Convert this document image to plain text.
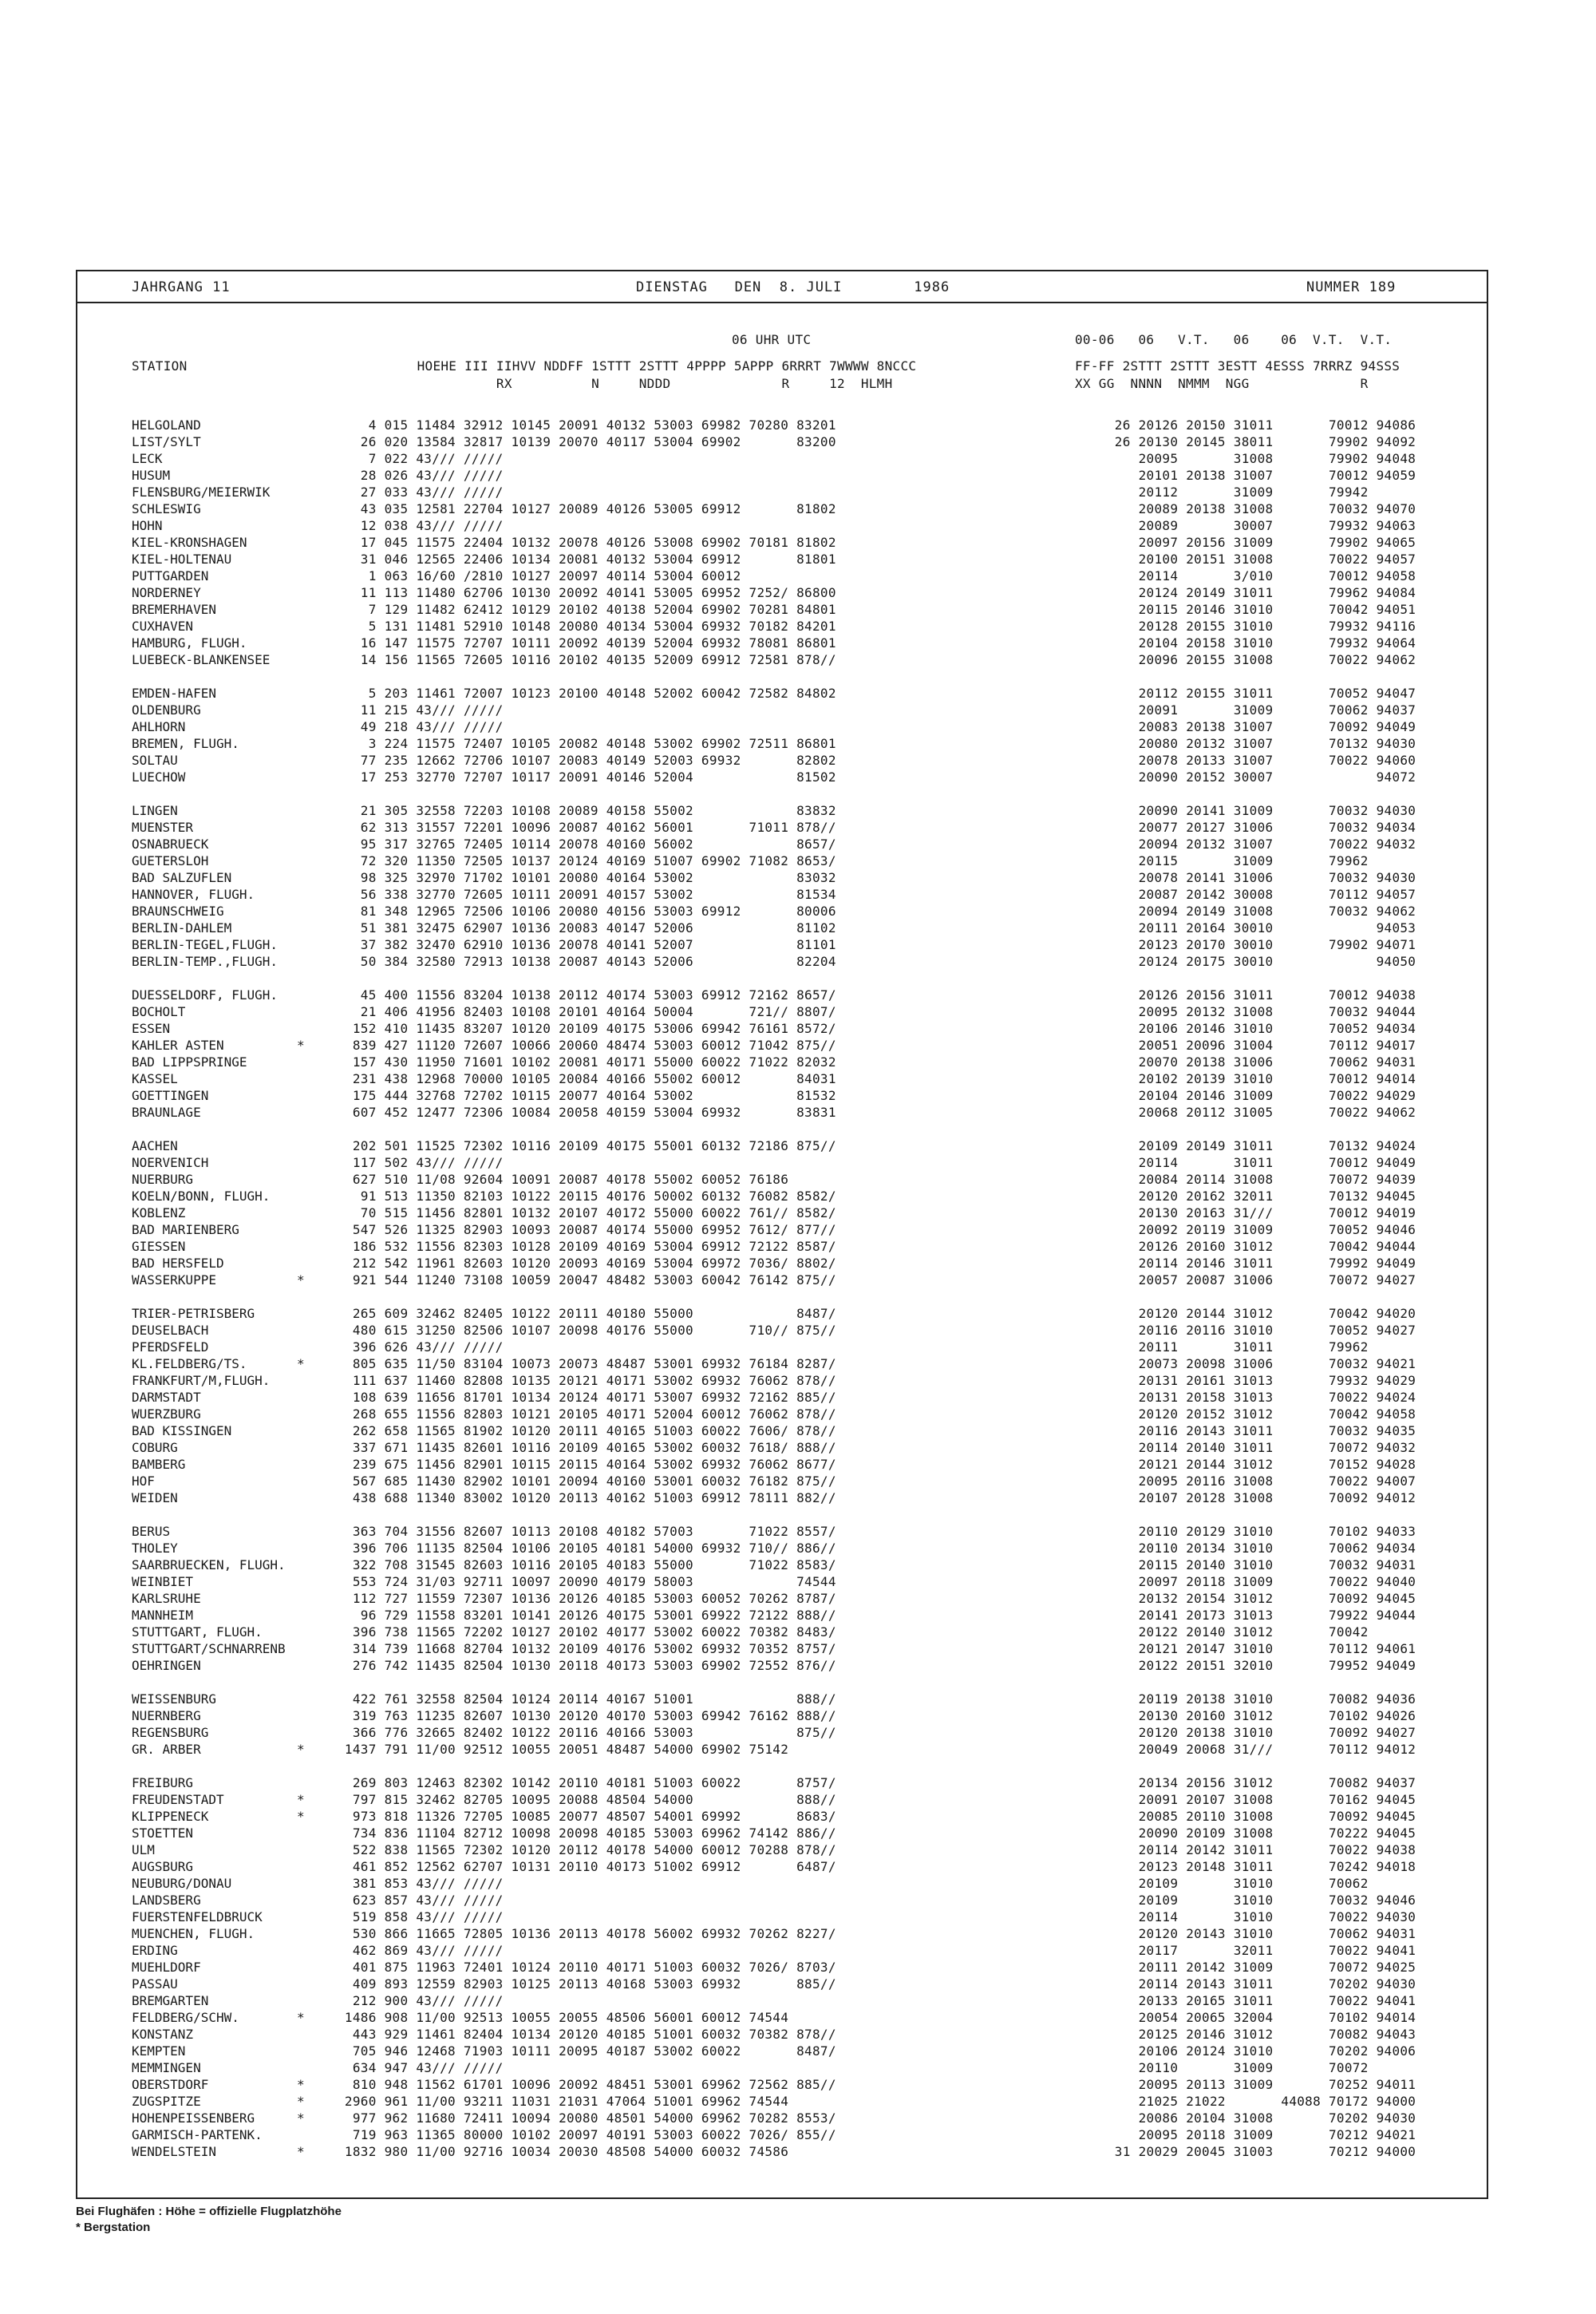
JAHRGANG 11	DIENSTAG   DEN  8. JULI        1986	NUMMER 189
06 UHR UTC	00-06   06   V.T.   06    06  V.T.  V.T.
STATION                             HOEHE III IIHVV NDDFF 1STTT 2STTT 4PPPP 5APPP 6RRRT 7WWWW 8NCCC
RX          N     NDDD              R     12  HLMH
FF-FF 2STTT 2STTT 3ESTT 4ESSS 7RRRZ 94SSS
XX GG  NNNN  NMMM  NGG              R
HELGOLAND	4 015 11484 32912 10145 20091 40132 53003 69982 70280 83201	26 20126 20150 31011       70012 94086
LIST/SYLT	26 020 13584 32817 10139 20070 40117 53004 69902       83200	26 20130 20145 38011       79902 94092
LECK	7 022 43/// /////	20095       31008       79902 94048
HUSUM	28 026 43/// /////	20101 20138 31007       70012 94059
FLENSBURG/MEIERWIK	27 033 43/// /////	20112       31009       79942
SCHLESWIG	43 035 12581 22704 10127 20089 40126 53005 69912       81802	20089 20138 31008       70032 94070
HOHN	12 038 43/// /////	20089       30007       79932 94063
KIEL-KRONSHAGEN	17 045 11575 22404 10132 20078 40126 53008 69902 70181 81802	20097 20156 31009       79902 94065
KIEL-HOLTENAU	31 046 12565 22406 10134 20081 40132 53004 69912       81801	20100 20151 31008       70022 94057
PUTTGARDEN	1 063 16/60 /2810 10127 20097 40114 53004 60012	20114       3/010       70012 94058
NORDERNEY	11 113 11480 62706 10130 20092 40141 53005 69952 7252/ 86800	20124 20149 31011       79962 94084
BREMERHAVEN	7 129 11482 62412 10129 20102 40138 52004 69902 70281 84801	20115 20146 31010       70042 94051
CUXHAVEN	5 131 11481 52910 10148 20080 40134 53004 69932 70182 84201	20128 20155 31010       79932 94116
HAMBURG, FLUGH.	16 147 11575 72707 10111 20092 40139 52004 69932 78081 86801	20104 20158 31010       79932 94064
LUEBECK-BLANKENSEE	14 156 11565 72605 10116 20102 40135 52009 69912 72581 878//	20096 20155 31008       70022 94062
EMDEN-HAFEN	5 203 11461 72007 10123 20100 40148 52002 60042 72582 84802	20112 20155 31011       70052 94047
OLDENBURG	11 215 43/// /////	20091       31009       70062 94037
AHLHORN	49 218 43/// /////	20083 20138 31007       70092 94049
BREMEN, FLUGH.	3 224 11575 72407 10105 20082 40148 53002 69902 72511 86801	20080 20132 31007       70132 94030
SOLTAU	77 235 12662 72706 10107 20083 40149 52003 69932       82802	20078 20133 31007       70022 94060
LUECHOW	17 253 32770 72707 10117 20091 40146 52004             81502	20090 20152 30007             94072
LINGEN	21 305 32558 72203 10108 20089 40158 55002             83832	20090 20141 31009       70032 94030
MUENSTER	62 313 31557 72201 10096 20087 40162 56001       71011 878//	20077 20127 31006       70032 94034
OSNABRUECK	95 317 32765 72405 10114 20078 40160 56002             8657/	20094 20132 31007       70022 94032
GUETERSLOH	72 320 11350 72505 10137 20124 40169 51007 69902 71082 8653/	20115       31009       79962
BAD SALZUFLEN	98 325 32970 71702 10101 20080 40164 53002             83032	20078 20141 31006       70032 94030
HANNOVER, FLUGH.	56 338 32770 72605 10111 20091 40157 53002             81534	20087 20142 30008       70112 94057
BRAUNSCHWEIG	81 348 12965 72506 10106 20080 40156 53003 69912       80006	20094 20149 31008       70032 94062
BERLIN-DAHLEM	51 381 32475 62907 10136 20083 40147 52006             81102	20111 20164 30010             94053
BERLIN-TEGEL,FLUGH.	37 382 32470 62910 10136 20078 40141 52007             81101	20123 20170 30010       79902 94071
BERLIN-TEMP.,FLUGH.	50 384 32580 72913 10138 20087 40143 52006             82204	20124 20175 30010             94050
DUESSELDORF, FLUGH.	45 400 11556 83204 10138 20112 40174 53003 69912 72162 8657/	20126 20156 31011       70012 94038
BOCHOLT	21 406 41956 82403 10108 20101 40164 50004       721// 8807/	20095 20132 31008       70032 94044
ESSEN	152 410 11435 83207 10120 20109 40175 53006 69942 76161 8572/	20106 20146 31010       70052 94034
KAHLER ASTEN	*	839 427 11120 72607 10066 20060 48474 53003 60012 71042 875//	20051 20096 31004       70112 94017
BAD LIPPSPRINGE	157 430 11950 71601 10102 20081 40171 55000 60022 71022 82032	20070 20138 31006       70062 94031
KASSEL	231 438 12968 70000 10105 20084 40166 55002 60012       84031	20102 20139 31010       70012 94014
GOETTINGEN	175 444 32768 72702 10115 20077 40164 53002             81532	20104 20146 31009       70022 94029
BRAUNLAGE	607 452 12477 72306 10084 20058 40159 53004 69932       83831	20068 20112 31005       70022 94062
AACHEN	202 501 11525 72302 10116 20109 40175 55001 60132 72186 875//	20109 20149 31011       70132 94024
NOERVENICH	117 502 43/// /////	20114       31011       70012 94049
NUERBURG	627 510 11/08 92604 10091 20087 40178 55002 60052 76186	20084 20114 31008       70072 94039
KOELN/BONN, FLUGH.	91 513 11350 82103 10122 20115 40176 50002 60132 76082 8582/	20120 20162 32011       70132 94045
KOBLENZ	70 515 11456 82801 10132 20107 40172 55000 60022 761// 8582/	20130 20163 31///       70012 94019
BAD MARIENBERG	547 526 11325 82903 10093 20087 40174 55000 69952 7612/ 877//	20092 20119 31009       70052 94046
GIESSEN	186 532 11556 82303 10128 20109 40169 53004 69912 72122 8587/	20126 20160 31012       70042 94044
BAD HERSFELD	212 542 11961 82603 10120 20093 40169 53004 69972 7036/ 8802/	20114 20146 31011       79992 94049
WASSERKUPPE	*	921 544 11240 73108 10059 20047 48482 53003 60042 76142 875//	20057 20087 31006       70072 94027
TRIER-PETRISBERG	265 609 32462 82405 10122 20111 40180 55000             8487/	20120 20144 31012       70042 94020
DEUSELBACH	480 615 31250 82506 10107 20098 40176 55000       710// 875//	20116 20116 31010       70052 94027
PFERDSFELD	396 626 43/// /////	20111       31011       79962
KL.FELDBERG/TS.	*	805 635 11/50 83104 10073 20073 48487 53001 69932 76184 8287/	20073 20098 31006       70032 94021
FRANKFURT/M,FLUGH.	111 637 11460 82808 10135 20121 40171 53002 69932 76062 878//	20131 20161 31013       79932 94029
DARMSTADT	108 639 11656 81701 10134 20124 40171 53007 69932 72162 885//	20131 20158 31013       70022 94024
WUERZBURG	268 655 11556 82803 10121 20105 40171 52004 60012 76062 878//	20120 20152 31012       70042 94058
BAD KISSINGEN	262 658 11565 81902 10120 20111 40165 51003 60022 7606/ 878//	20116 20143 31011       70032 94035
COBURG	337 671 11435 82601 10116 20109 40165 53002 60032 7618/ 888//	20114 20140 31011       70072 94032
BAMBERG	239 675 11456 82901 10115 20115 40164 53002 69932 76062 8677/	20121 20144 31012       70152 94028
HOF	567 685 11430 82902 10101 20094 40160 53001 60032 76182 875//	20095 20116 31008       70022 94007
WEIDEN	438 688 11340 83002 10120 20113 40162 51003 69912 78111 882//	20107 20128 31008       70092 94012
BERUS	363 704 31556 82607 10113 20108 40182 57003       71022 8557/	20110 20129 31010       70102 94033
THOLEY	396 706 11135 82504 10106 20105 40181 54000 69932 710// 886//	20110 20134 31010       70062 94034
SAARBRUECKEN, FLUGH.	322 708 31545 82603 10116 20105 40183 55000       71022 8583/	20115 20140 31010       70032 94031
WEINBIET	553 724 31/03 92711 10097 20090 40179 58003             74544	20097 20118 31009       70022 94040
KARLSRUHE	112 727 11559 72307 10136 20126 40185 53003 60052 70262 8787/	20132 20154 31012       70092 94045
MANNHEIM	96 729 11558 83201 10141 20126 40175 53001 69922 72122 888//	20141 20173 31013       79922 94044
STUTTGART, FLUGH.	396 738 11565 72202 10127 20102 40177 53002 60022 70382 8483/	20122 20140 31012       70042
STUTTGART/SCHNARRENB	314 739 11668 82704 10132 20109 40176 53002 69932 70352 8757/	20121 20147 31010       70112 94061
OEHRINGEN	276 742 11435 82504 10130 20118 40173 53003 69902 72552 876//	20122 20151 32010       79952 94049
WEISSENBURG	422 761 32558 82504 10124 20114 40167 51001             888//	20119 20138 31010       70082 94036
NUERNBERG	319 763 11235 82607 10130 20120 40170 53003 69942 76162 888//	20130 20160 31012       70102 94026
REGENSBURG	366 776 32665 82402 10122 20116 40166 53003             875//	20120 20138 31010       70092 94027
GR. ARBER	*	1437 791 11/00 92512 10055 20051 48487 54000 69902 75142	20049 20068 31///       70112 94012
FREIBURG	269 803 12463 82302 10142 20110 40181 51003 60022       8757/	20134 20156 31012       70082 94037
FREUDENSTADT	*	797 815 32462 82705 10095 20088 48504 54000             888//	20091 20107 31008       70162 94045
KLIPPENECK	*	973 818 11326 72705 10085 20077 48507 54001 69992       8683/	20085 20110 31008       70092 94045
STOETTEN	734 836 11104 82712 10098 20098 40185 53003 69962 74142 886//	20090 20109 31008       70222 94045
ULM	522 838 11565 72302 10120 20112 40178 54000 60012 70288 878//	20114 20142 31011       70022 94038
AUGSBURG	461 852 12562 62707 10131 20110 40173 51002 69912       6487/	20123 20148 31011       70242 94018
NEUBURG/DONAU	381 853 43/// /////	20109       31010       70062
LANDSBERG	623 857 43/// /////	20109       31010       70032 94046
FUERSTENFELDBRUCK	519 858 43/// /////	20114       31010       70022 94030
MUENCHEN, FLUGH.	530 866 11665 72805 10136 20113 40178 56002 69932 70262 8227/	20120 20143 31010       70062 94031
ERDING	462 869 43/// /////	20117       32011       70022 94041
MUEHLDORF	401 875 11963 72401 10124 20110 40171 51003 60032 7026/ 8703/	20111 20142 31009       70072 94025
PASSAU	409 893 12559 82903 10125 20113 40168 53003 69932       885//	20114 20143 31011       70202 94030
BREMGARTEN	212 900 43/// /////	20133 20165 31011       70022 94041
FELDBERG/SCHW.	*	1486 908 11/00 92513 10055 20055 48506 56001 60012 74544	20054 20065 32004       70102 94014
KONSTANZ	443 929 11461 82404 10134 20120 40185 51001 60032 70382 878//	20125 20146 31012       70082 94043
KEMPTEN	705 946 12468 71903 10111 20095 40187 53002 60022       8487/	20106 20124 31010       70202 94006
MEMMINGEN	634 947 43/// /////	20110       31009       70072
OBERSTDORF	*	810 948 11562 61701 10096 20092 48451 53001 69962 72562 885//	20095 20113 31009       70252 94011
ZUGSPITZE	*	2960 961 11/00 93211 11031 21031 47064 51001 69962 74544	21025 21022       44088 70172 94000
HOHENPEISSENBERG	*	977 962 11680 72411 10094 20080 48501 54000 69962 70282 8553/	20086 20104 31008       70202 94030
GARMISCH-PARTENK.	719 963 11365 80000 10102 20097 40191 53003 60022 7026/ 855//	20095 20118 31009       70212 94021
WENDELSTEIN	*	1832 980 11/00 92716 10034 20030 48508 54000 60032 74586	31 20029 20045 31003       70212 94000
Bei Flughäfen : Höhe = offizielle Flugplatzhöhe
* Bergstation
